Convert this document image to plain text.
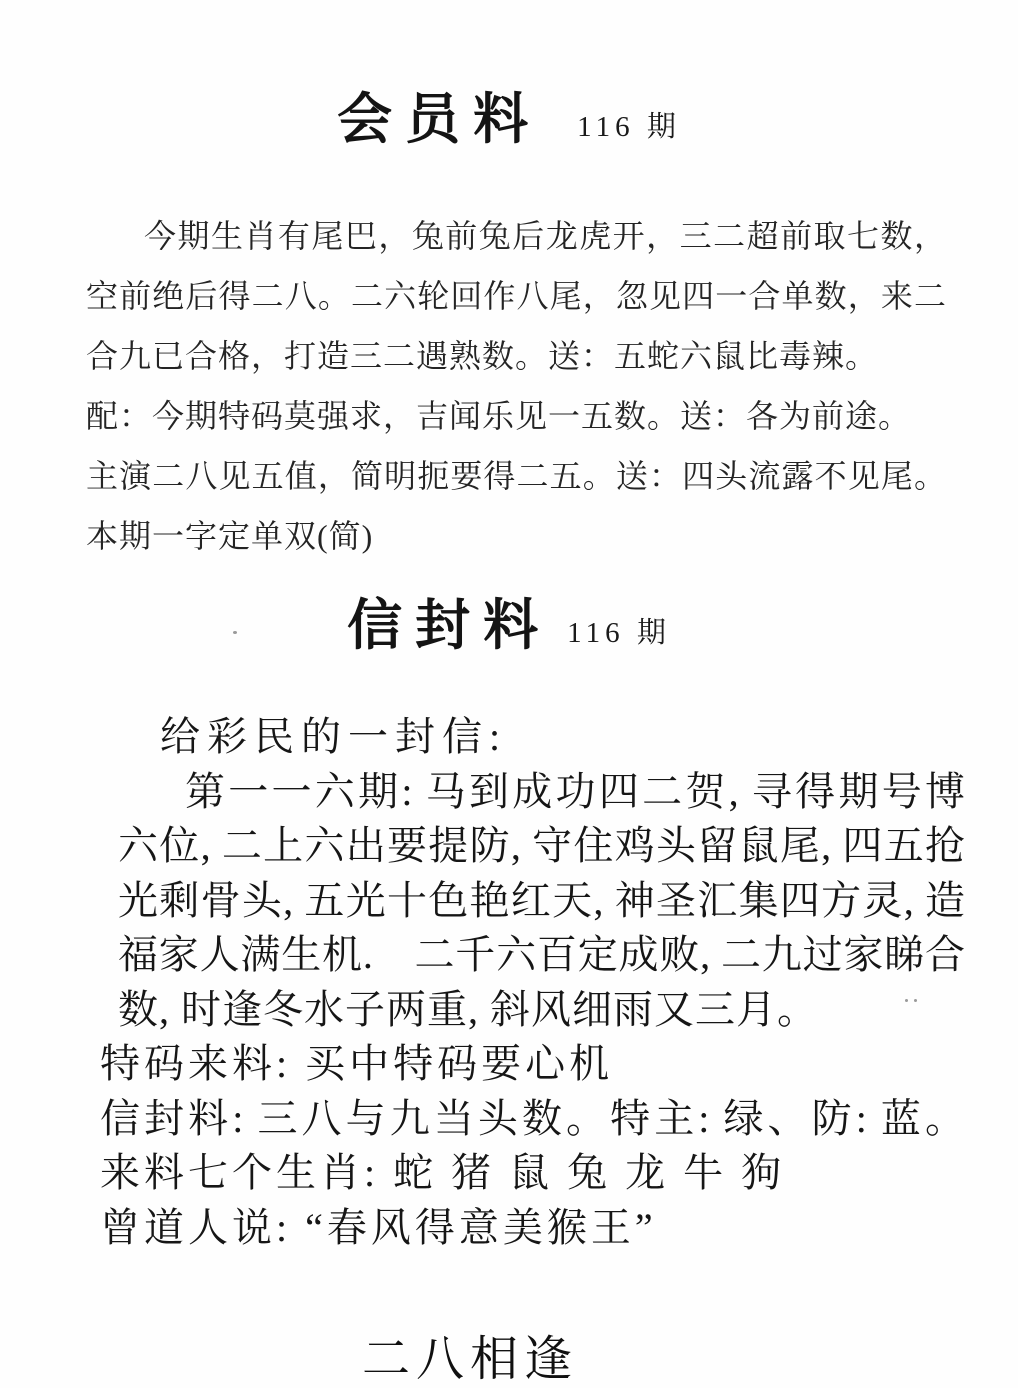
会员料 116 期
今期生肖有尾巴，兔前兔后龙虎开，三二超前取七数，
空前绝后得二八。二六轮回作八尾，忽见四一合单数，来二
合九已合格，打造三二遇熟数。送：五蛇六鼠比毒辣。
配：今期特码莫强求，吉闻乐见一五数。送：各为前途。
主演二八见五值，简明扼要得二五。送：四头流露不见尾。
本期一字定单双(简)
信封料 116 期
给彩民的一封信:
第一一六期: 马到成功四二贺, 寻得期号博
六位, 二上六出要提防, 守住鸡头留鼠尾, 四五抢
光剩骨头, 五光十色艳红天, 神圣汇集四方灵, 造
福家人满生机.　二千六百定成败, 二九过家睇合
数, 时逢冬水子两重, 斜风细雨又三月。
特码来料: 买中特码要心机
信封料: 三八与九当头数。特主: 绿、防: 蓝。
来料七个生肖: 蛇 猪 鼠 兔 龙 牛 狗
曾道人说: “春风得意美猴王”
二八相逢
